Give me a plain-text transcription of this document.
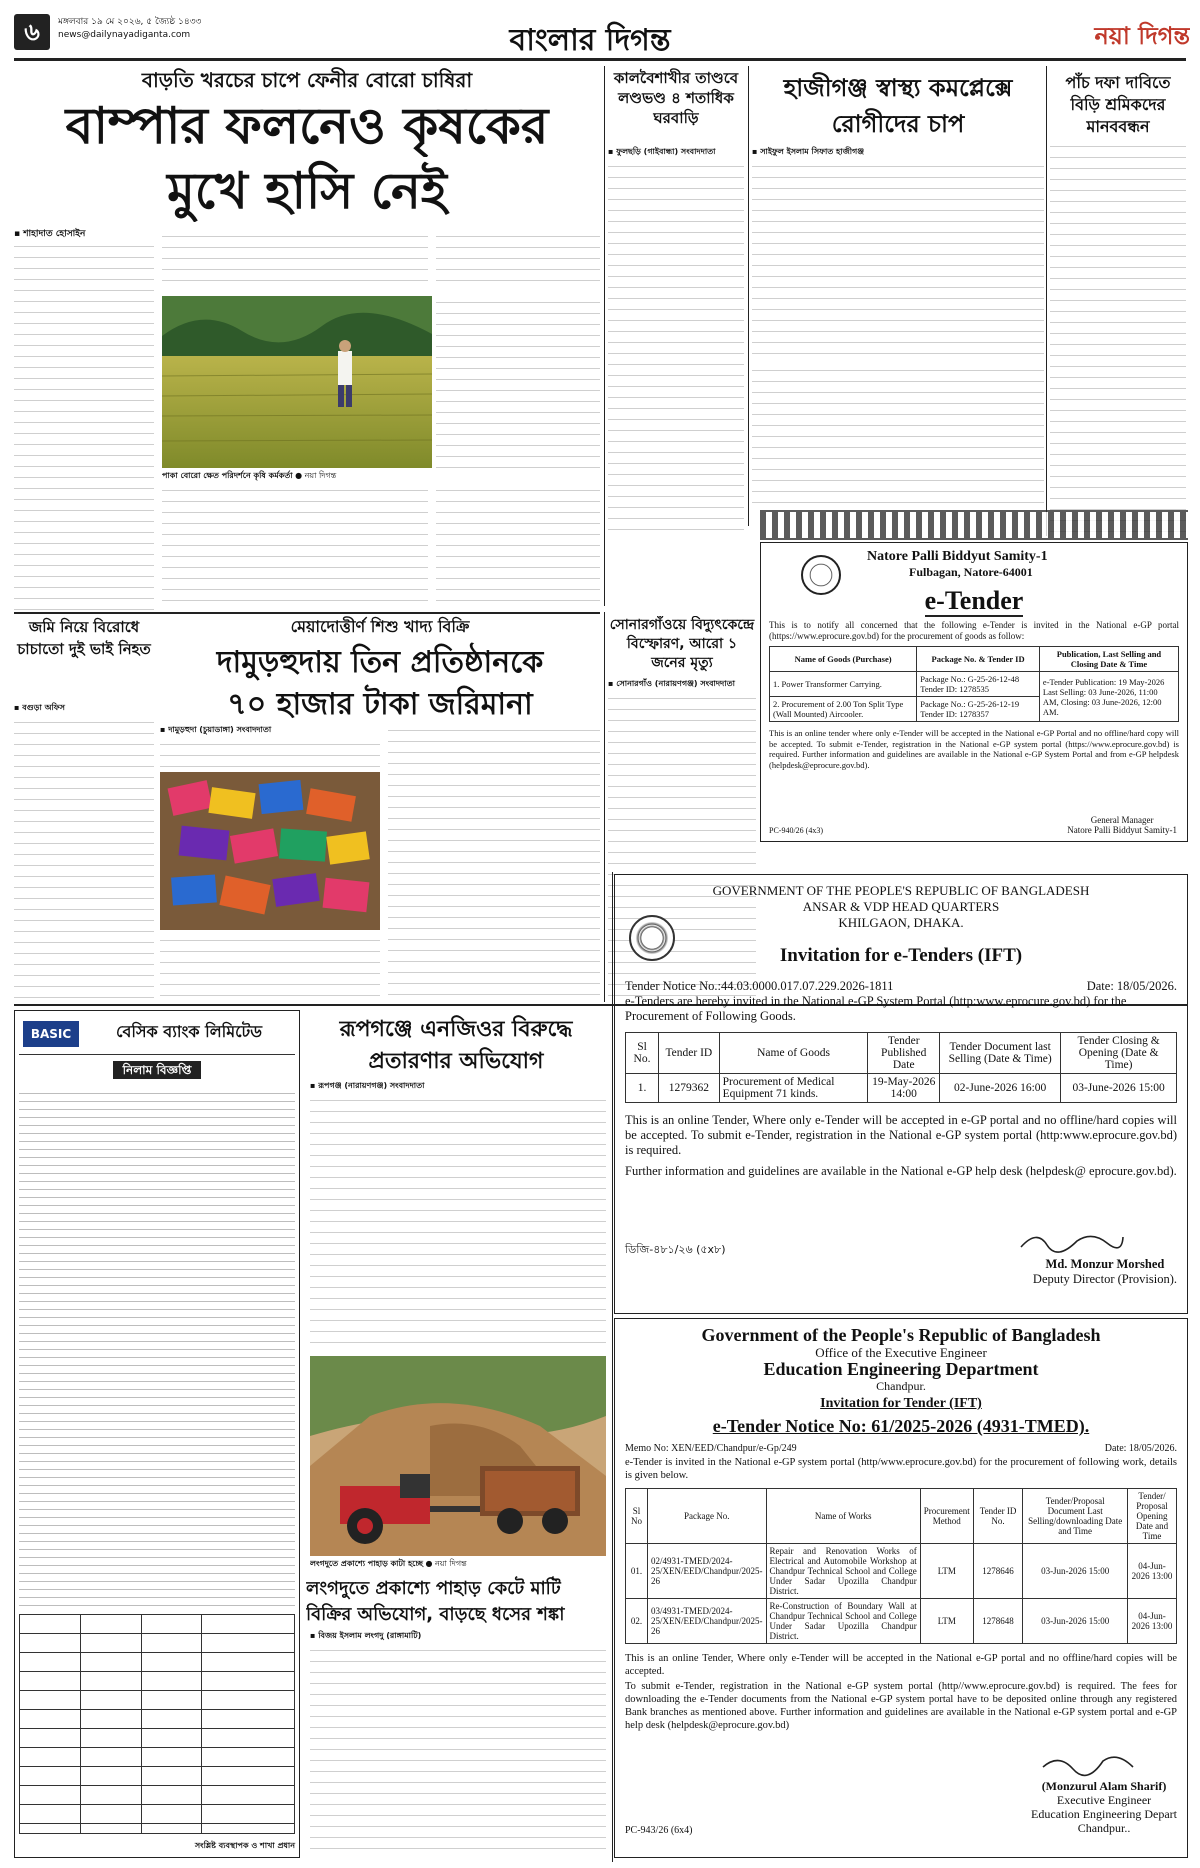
৬	মঙ্গলবার ১৯ মে ২০২৬, ৫ জ্যৈষ্ঠ ১৪৩৩
news@dailynayadiganta.com	বাংলার দিগন্ত	নয়া দিগন্ত
বাড়তি খরচের চাপে ফেনীর বোরো চাষিরা
বাম্পার ফলনেও কৃষকের
মুখে হাসি নেই
▪ শাহাদাত হোসাইন
পাকা বোরো ক্ষেত পরিদর্শনে কৃষি কর্মকর্তা ● নয়া দিগন্ত
কালবৈশাখীর তাণ্ডবে লণ্ডভণ্ড ৪ শতাধিক ঘরবাড়ি
▪ ফুলছড়ি (গাইবান্ধা) সংবাদদাতা
হাজীগঞ্জ স্বাস্থ্য কমপ্লেক্সে
রোগীদের চাপ
▪ সাইফুল ইসলাম সিফাত হাজীগঞ্জ
পাঁচ দফা দাবিতে
বিড়ি শ্রমিকদের
মানববন্ধন
Natore Palli Biddyut Samity-1
Fulbagan, Natore-64001
e-Tender
This is to notify all concerned that the following e-Tender is invited in the National e-GP portal (https://www.eprocure.gov.bd) for the procurement of goods as follow:
Name of Goods (Purchase)	Package No. & Tender ID	Publication, Last Selling and Closing Date & Time
1. Power Transformer Carrying.	Package No.: G-25-26-12-48 Tender ID: 1278535	e-Tender Publication: 19 May-2026 Last Selling: 03 June-2026, 11:00 AM, Closing: 03 June-2026, 12:00 AM.
2. Procurement of 2.00 Ton Split Type (Wall Mounted) Aircooler.	Package No.: G-25-26-12-19 Tender ID: 1278357	
This is an online tender where only e-Tender will be accepted in the National e-GP Portal and no offline/hard copy will be accepted. To submit e-Tender, registration in the National e-GP system portal (https://www.eprocure.gov.bd) is required. Further information and guidelines are available in the National e-GP System Portal and from e-GP helpdesk (helpdesk@eprocure.gov.bd).
PC-940/26 (4x3)
General Manager
Natore Palli Biddyut Samity-1
জমি নিয়ে বিরোধে চাচাতো দুই ভাই নিহত
▪ বগুড়া অফিস
মেয়াদোত্তীর্ণ শিশু খাদ্য বিক্রি
দামুড়হুদায় তিন প্রতিষ্ঠানকে
৭০ হাজার টাকা জরিমানা
▪ দামুড়হুদা (চুয়াডাঙ্গা) সংবাদদাতা
সোনারগাঁওয়ে বিদ্যুৎকেন্দ্রে বিস্ফোরণ, আরো ১ জনের মৃত্যু
▪ সোনারগাঁও (নারায়ণগঞ্জ) সংবাদদাতা
BASIC	বেসিক ব্যাংক লিমিটেড
নিলাম বিজ্ঞপ্তি
সংশ্লিষ্ট ব্যবস্থাপক ও শাখা প্রধান
রূপগঞ্জে এনজিওর বিরুদ্ধে
প্রতারণার অভিযোগ
▪ রূপগঞ্জ (নারায়ণগঞ্জ) সংবাদদাতা
লংগদুতে প্রকাশ্যে পাহাড় কাটা হচ্ছে ● নয়া দিগন্ত
লংগদুতে প্রকাশ্যে পাহাড় কেটে মাটি
বিক্রির অভিযোগ, বাড়ছে ধসের শঙ্কা
▪ বিজয় ইসলাম লংগদু (রাঙ্গামাটি)
GOVERNMENT OF THE PEOPLE'S REPUBLIC OF BANGLADESH
ANSAR & VDP HEAD QUARTERS
KHILGAON, DHAKA.
Invitation for e-Tenders (IFT)
Tender Notice No.:44.03.0000.017.07.229.2026-1811	Date: 18/05/2026.
e-Tenders are hereby invited in the National e-GP System Portal (http:www.eprocure.gov.bd) for the Procurement of Following Goods.
Sl No.	Tender ID	Name of Goods	Tender Published Date	Tender Document last Selling (Date & Time)	Tender Closing & Opening (Date & Time)
1.	1279362	Procurement of Medical Equipment 71 kinds.	19-May-2026 14:00	02-June-2026 16:00	03-June-2026 15:00
This is an online Tender, Where only e-Tender will be accepted in e-GP portal and no offline/hard copies will be accepted. To submit e-Tender, registration in the National e-GP system portal (http:www.eprocure.gov.bd) is required.
Further information and guidelines are available in the National e-GP help desk (helpdesk@ eprocure.gov.bd).
ডিজি-৪৮১/২৬ (৫x৮)
Md. Monzur Morshed
Deputy Director (Provision).
Government of the People's Republic of Bangladesh
Office of the Executive Engineer
Education Engineering Department
Chandpur.
Invitation for Tender (IFT)
e-Tender Notice No: 61/2025-2026 (4931-TMED).
Memo No: XEN/EED/Chandpur/e-Gp/249	Date: 18/05/2026.
e-Tender is invited in the National e-GP system portal (http/www.eprocure.gov.bd) for the procurement of following work, details is given below.
Sl No	Package No.	Name of Works	Procurement Method	Tender ID No.	Tender/Proposal Document Last Selling/downloading Date and Time	Tender/ Proposal Opening Date and Time
01.	02/4931-TMED/2024-25/XEN/EED/Chandpur/2025-26	Repair and Renovation Works of Electrical and Automobile Workshop at Chandpur Technical School and College Under Sadar Upozilla Chandpur District.	LTM	1278646	03-Jun-2026 15:00	04-Jun-2026 13:00
02.	03/4931-TMED/2024-25/XEN/EED/Chandpur/2025-26	Re-Construction of Boundary Wall at Chandpur Technical School and College Under Sadar Upozilla Chandpur District.	LTM	1278648	03-Jun-2026 15:00	04-Jun-2026 13:00
This is an online Tender, Where only e-Tender will be accepted in the National e-GP portal and no offline/hard copies will be accepted.
To submit e-Tender, registration in the National e-GP system portal (http//www.eprocure.gov.bd) is required. The fees for downloading the e-Tender documents from the National e-GP system portal have to be deposited online through any registered Bank branches as mentioned above. Further information and guidelines are available in the National e-GP system portal and e-GP help desk (helpdesk@eprocure.gov.bd)
PC-943/26 (6x4)
(Monzurul Alam Sharif)
Executive Engineer
Education Engineering Depart
Chandpur..
